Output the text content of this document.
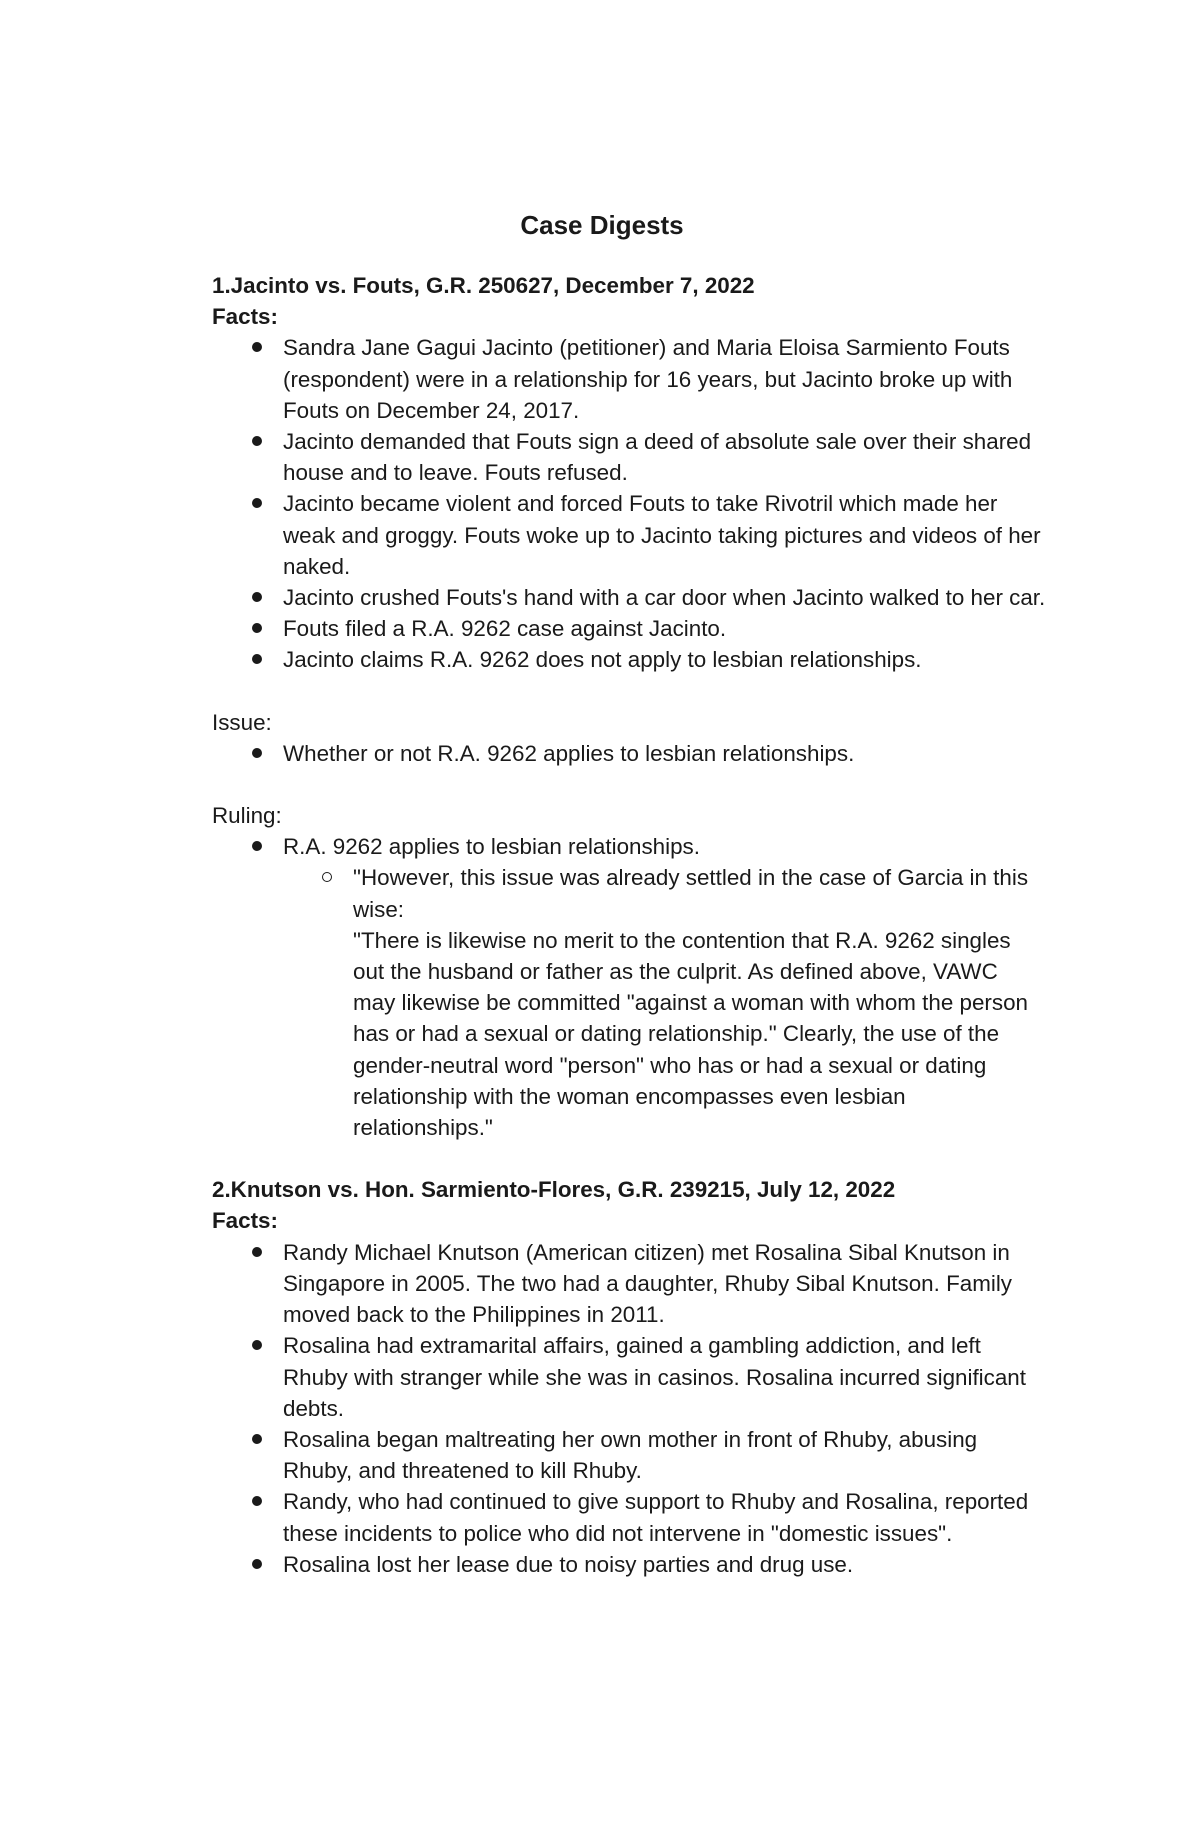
Case Digests
1.Jacinto vs. Fouts, G.R. 250627, December 7, 2022
Facts:
Sandra Jane Gagui Jacinto (petitioner) and Maria Eloisa Sarmiento Fouts (respondent) were in a relationship for 16 years, but Jacinto broke up with Fouts on December 24, 2017.
Jacinto demanded that Fouts sign a deed of absolute sale over their shared house and to leave. Fouts refused.
Jacinto became violent and forced Fouts to take Rivotril which made her weak and groggy. Fouts woke up to Jacinto taking pictures and videos of her naked.
Jacinto crushed Fouts's hand with a car door when Jacinto walked to her car.
Fouts filed a R.A. 9262 case against Jacinto.
Jacinto claims R.A. 9262 does not apply to lesbian relationships.
Issue:
Whether or not R.A. 9262 applies to lesbian relationships.
Ruling:
R.A. 9262 applies to lesbian relationships.
"However, this issue was already settled in the case of Garcia in this wise:
"There is likewise no merit to the contention that R.A. 9262 singles out the husband or father as the culprit. As defined above, VAWC may likewise be committed "against a woman with whom the person has or had a sexual or dating relationship." Clearly, the use of the gender-neutral word "person" who has or had a sexual or dating relationship with the woman encompasses even lesbian relationships."
2.Knutson vs. Hon. Sarmiento-Flores, G.R. 239215, July 12, 2022
Facts:
Randy Michael Knutson (American citizen) met Rosalina Sibal Knutson in Singapore in 2005. The two had a daughter, Rhuby Sibal Knutson. Family moved back to the Philippines in 2011.
Rosalina had extramarital affairs, gained a gambling addiction, and left Rhuby with stranger while she was in casinos. Rosalina incurred significant debts.
Rosalina began maltreating her own mother in front of Rhuby, abusing Rhuby, and threatened to kill Rhuby.
Randy, who had continued to give support to Rhuby and Rosalina, reported these incidents to police who did not intervene in "domestic issues".
Rosalina lost her lease due to noisy parties and drug use.
